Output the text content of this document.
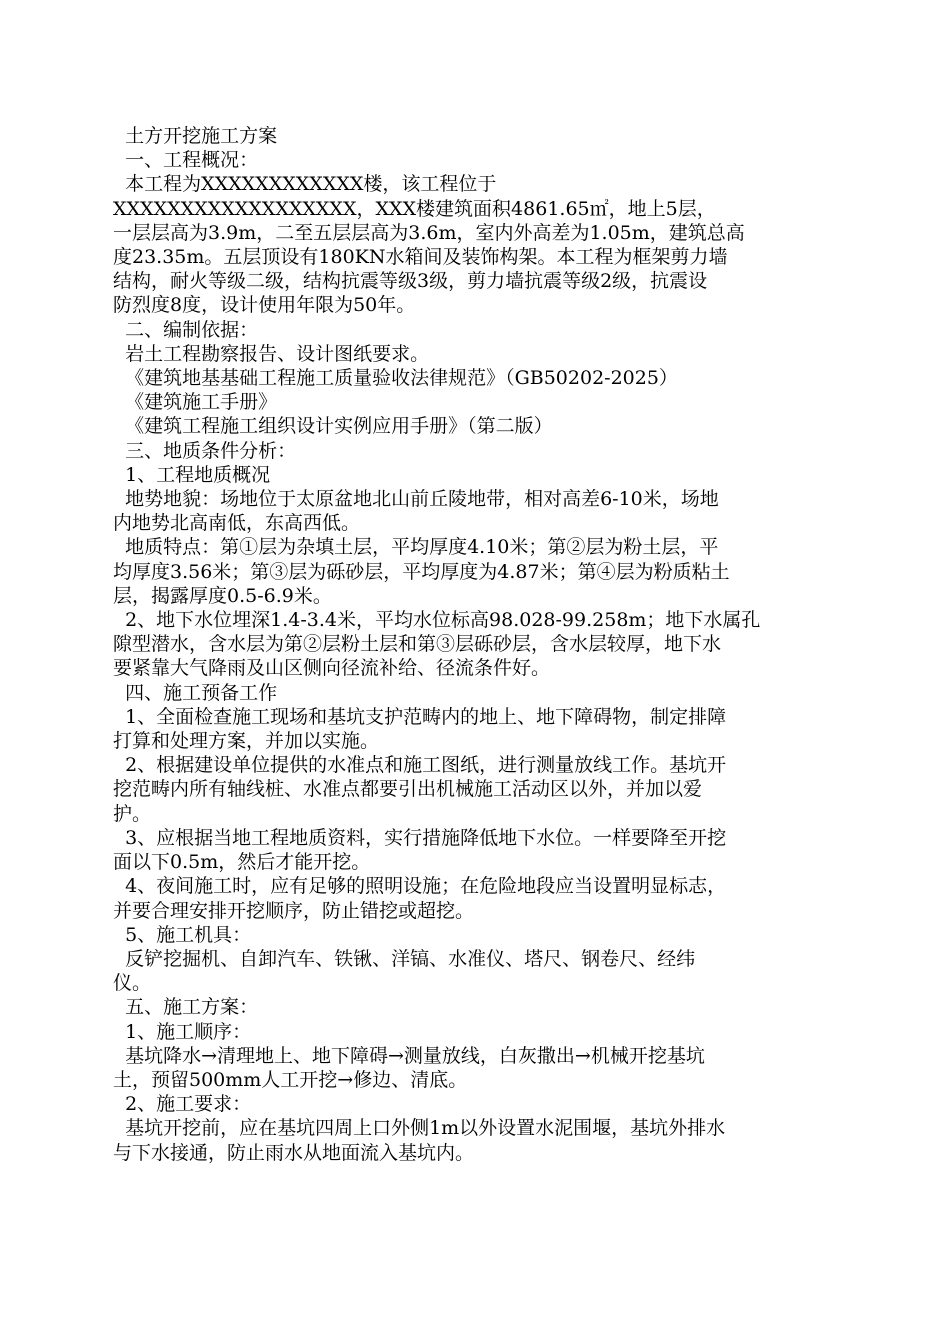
土方开挖施工方案
一、工程概况：
本工程为XXXXXXXXXXXX楼，该工程位于
XXXXXXXXXXXXXXXXXX，XXX楼建筑面积4861.65㎡，地上5层，
一层层高为3.9m，二至五层层高为3.6m，室内外高差为1.05m，建筑总高
度23.35m。五层顶设有180KN水箱间及装饰构架。本工程为框架剪力墙
结构，耐火等级二级，结构抗震等级3级，剪力墙抗震等级2级，抗震设
防烈度8度，设计使用年限为50年。
二、编制依据：
岩土工程勘察报告、设计图纸要求。
《建筑地基基础工程施工质量验收法律规范》（GB50202-2025）
《建筑施工手册》
《建筑工程施工组织设计实例应用手册》（第二版）
三、地质条件分析：
1、工程地质概况
地势地貌：场地位于太原盆地北山前丘陵地带，相对高差6-10米，场地
内地势北高南低，东高西低。
地质特点：第①层为杂填土层，平均厚度4.10米；第②层为粉土层，平
均厚度3.56米；第③层为砾砂层，平均厚度为4.87米；第④层为粉质粘土
层，揭露厚度0.5-6.9米。
2、地下水位埋深1.4-3.4米，平均水位标高98.028-99.258m；地下水属孔
隙型潜水，含水层为第②层粉土层和第③层砾砂层，含水层较厚，地下水
要紧靠大气降雨及山区侧向径流补给、径流条件好。
四、施工预备工作
1、全面检查施工现场和基坑支护范畴内的地上、地下障碍物，制定排障
打算和处理方案，并加以实施。
2、根据建设单位提供的水准点和施工图纸，进行测量放线工作。基坑开
挖范畴内所有轴线桩、水准点都要引出机械施工活动区以外，并加以爱
护。
3、应根据当地工程地质资料，实行措施降低地下水位。一样要降至开挖
面以下0.5m，然后才能开挖。
4、夜间施工时，应有足够的照明设施；在危险地段应当设置明显标志，
并要合理安排开挖顺序，防止错挖或超挖。
5、施工机具：
反铲挖掘机、自卸汽车、铁锹、洋镐、水准仪、塔尺、钢卷尺、经纬
仪。
五、施工方案：
1、施工顺序：
基坑降水→清理地上、地下障碍→测量放线，白灰撒出→机械开挖基坑
土，预留500mm人工开挖→修边、清底。
2、施工要求：
基坑开挖前，应在基坑四周上口外侧1m以外设置水泥围堰，基坑外排水
与下水接通，防止雨水从地面流入基坑内。
